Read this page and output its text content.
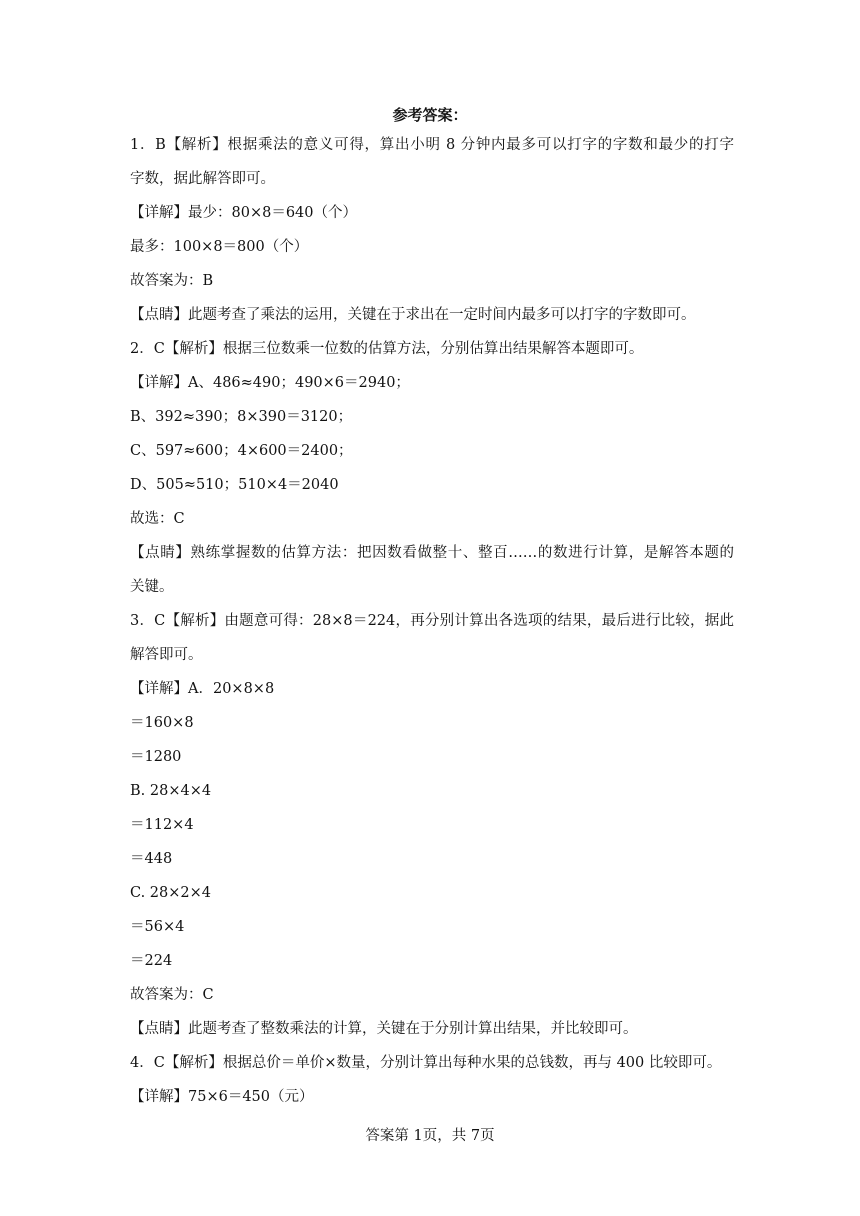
参考答案：
1．B【解析】根据乘法的意义可得，算出小明 8 分钟内最多可以打字的字数和最少的打字
字数，据此解答即可。
【详解】最少：80×8＝640（个）
最多：100×8＝800（个）
故答案为：B
【点睛】此题考查了乘法的运用，关键在于求出在一定时间内最多可以打字的字数即可。
2．C【解析】根据三位数乘一位数的估算方法，分别估算出结果解答本题即可。
【详解】A、486≈490；490×6＝2940；
B、392≈390；8×390＝3120；
C、597≈600；4×600＝2400；
D、505≈510；510×4＝2040
故选：C
【点睛】熟练掌握数的估算方法：把因数看做整十、整百……的数进行计算，是解答本题的
关键。
3．C【解析】由题意可得：28×8＝224，再分别计算出各选项的结果，最后进行比较，据此
解答即可。
【详解】A．20×8×8
＝160×8
＝1280
B. 28×4×4
＝112×4
＝448
C. 28×2×4
＝56×4
＝224
故答案为：C
【点睛】此题考查了整数乘法的计算，关键在于分别计算出结果，并比较即可。
4．C【解析】根据总价＝单价×数量，分别计算出每种水果的总钱数，再与 400 比较即可。
【详解】75×6＝450（元）
答案第 1页，共 7页
